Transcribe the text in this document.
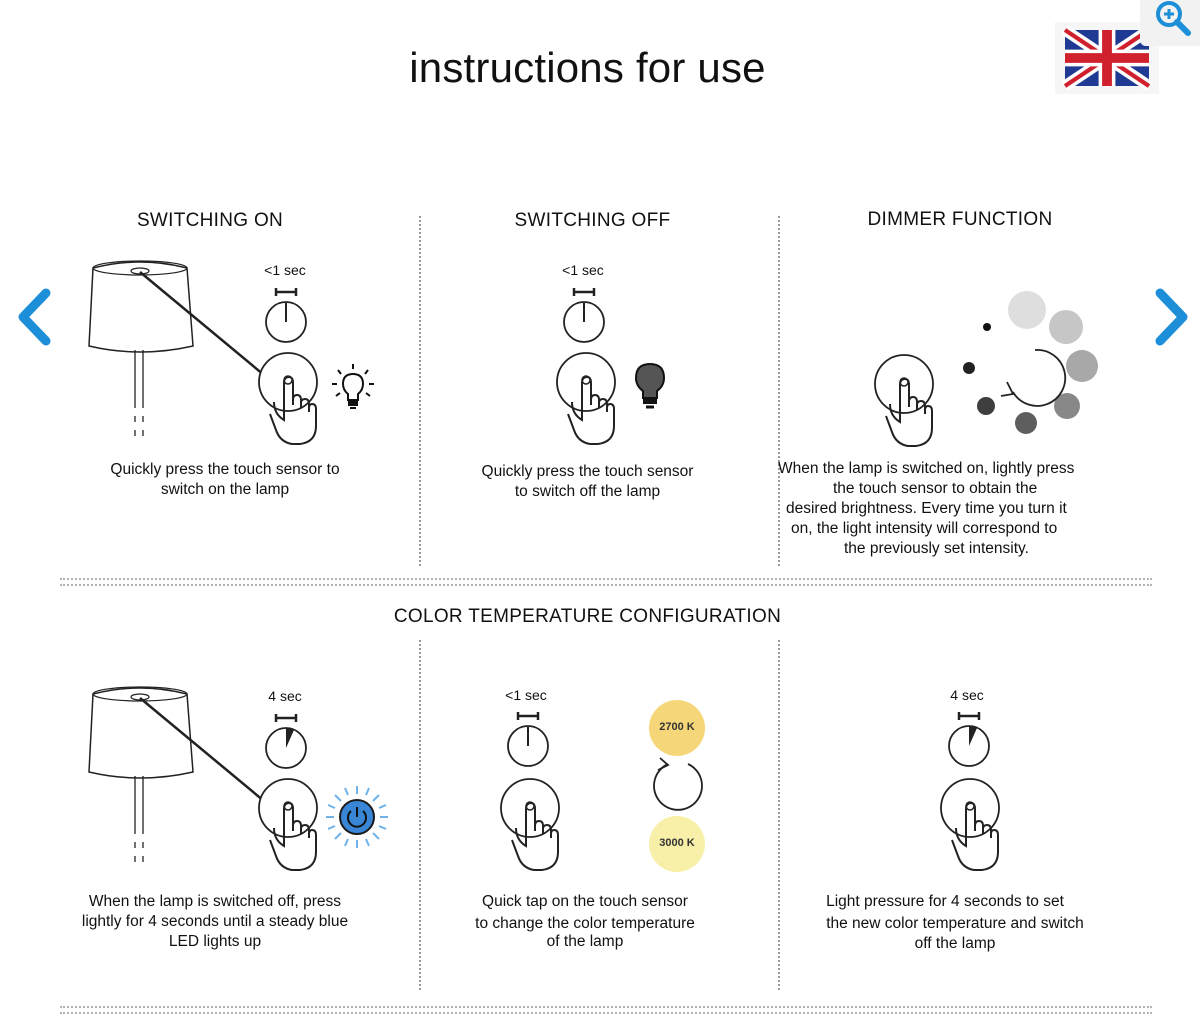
instructions for use
SWITCHING ON
<1 sec
Quickly press the touch sensor to
switch on the lamp
SWITCHING OFF
<1 sec
Quickly press the touch sensor
to switch off the lamp
DIMMER FUNCTION
When the lamp is switched on, lightly press
the touch sensor to obtain the
desired brightness. Every time you turn it
on, the light intensity will correspond to
the previously set intensity.
COLOR TEMPERATURE CONFIGURATION
4 sec
When the lamp is switched off, press
lightly for 4 seconds until a steady blue
LED lights up
<1 sec
2700 K
3000 K
Quick tap on the touch sensor
to change the color temperature
of the lamp
4 sec
Light pressure for 4 seconds to set
the new color temperature and switch
off the lamp
